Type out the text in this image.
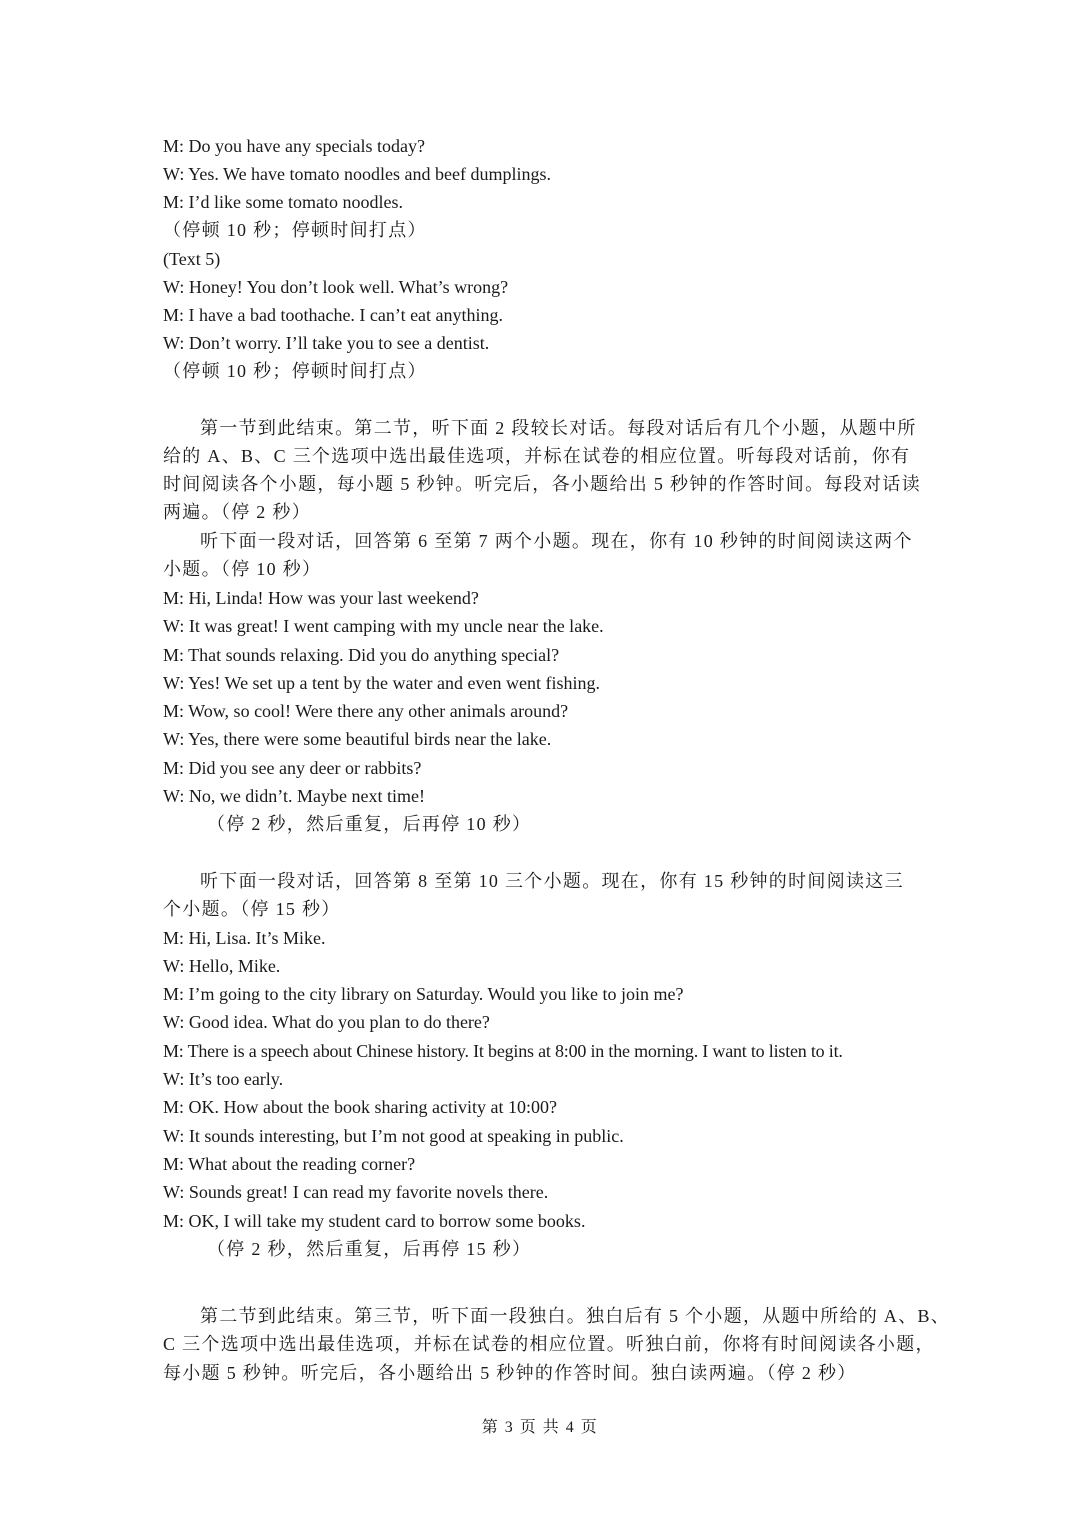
M: Do you have any specials today?
W: Yes. We have tomato noodles and beef dumplings.
M: I’d like some tomato noodles.
（停顿 10 秒；停顿时间打点）
(Text 5)
W: Honey! You don’t look well. What’s wrong?
M: I have a bad toothache. I can’t eat anything.
W: Don’t worry. I’ll take you to see a dentist.
（停顿 10 秒；停顿时间打点）
第一节到此结束。第二节，听下面 2 段较长对话。每段对话后有几个小题，从题中所
给的 A、B、C 三个选项中选出最佳选项，并标在试卷的相应位置。听每段对话前，你有
时间阅读各个小题，每小题 5 秒钟。听完后，各小题给出 5 秒钟的作答时间。每段对话读
两遍。（停 2 秒）
听下面一段对话，回答第 6 至第 7 两个小题。现在，你有 10 秒钟的时间阅读这两个
小题。（停 10 秒）
M: Hi, Linda! How was your last weekend?
W: It was great! I went camping with my uncle near the lake.
M: That sounds relaxing. Did you do anything special?
W: Yes! We set up a tent by the water and even went fishing.
M: Wow, so cool! Were there any other animals around?
W: Yes, there were some beautiful birds near the lake.
M: Did you see any deer or rabbits?
W: No, we didn’t. Maybe next time!
（停 2 秒，然后重复，后再停 10 秒）
听下面一段对话，回答第 8 至第 10 三个小题。现在，你有 15 秒钟的时间阅读这三
个小题。（停 15 秒）
M: Hi, Lisa. It’s Mike.
W: Hello, Mike.
M: I’m going to the city library on Saturday. Would you like to join me?
W: Good idea. What do you plan to do there?
M: There is a speech about Chinese history. It begins at 8:00 in the morning. I want to listen to it.
W: It’s too early.
M: OK. How about the book sharing activity at 10:00?
W: It sounds interesting, but I’m not good at speaking in public.
M: What about the reading corner?
W: Sounds great! I can read my favorite novels there.
M: OK, I will take my student card to borrow some books.
（停 2 秒，然后重复，后再停 15 秒）
第二节到此结束。第三节，听下面一段独白。独白后有 5 个小题，从题中所给的 A、B、
C 三个选项中选出最佳选项，并标在试卷的相应位置。听独白前，你将有时间阅读各小题，
每小题 5 秒钟。听完后，各小题给出 5 秒钟的作答时间。独白读两遍。（停 2 秒）
第 3 页 共 4 页
